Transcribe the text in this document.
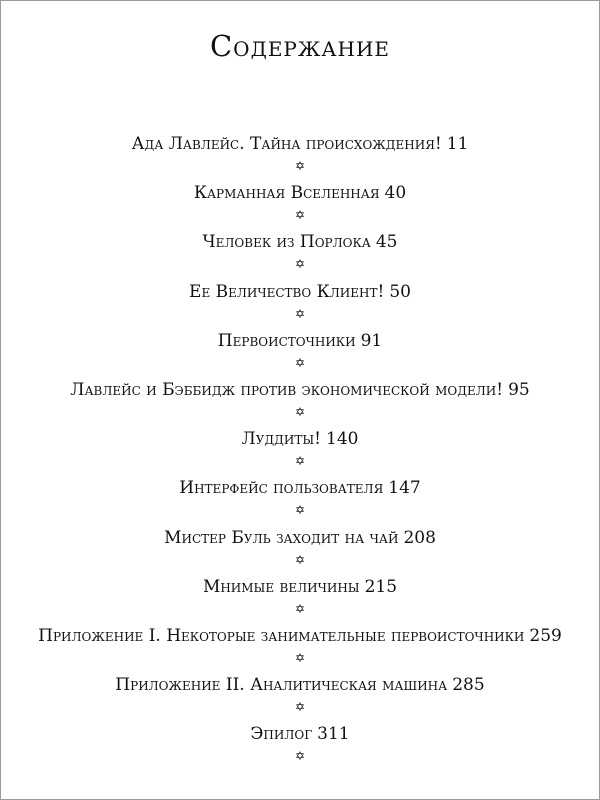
Содержание
Ада Лавлейс. Тайна происхождения! 11
✡
Карманная Вселенная 40
✡
Человек из Порлока 45
✡
Ее Величество Клиент! 50
✡
Первоисточники 91
✡
Лавлейс и Бэббидж против экономической модели! 95
✡
Луддиты! 140
✡
Интерфейс пользователя 147
✡
Мистер Буль заходит на чай 208
✡
Мнимые величины 215
✡
Приложение I. Некоторые занимательные первоисточники 259
✡
Приложение II. Аналитическая машина 285
✡
Эпилог 311
✡
